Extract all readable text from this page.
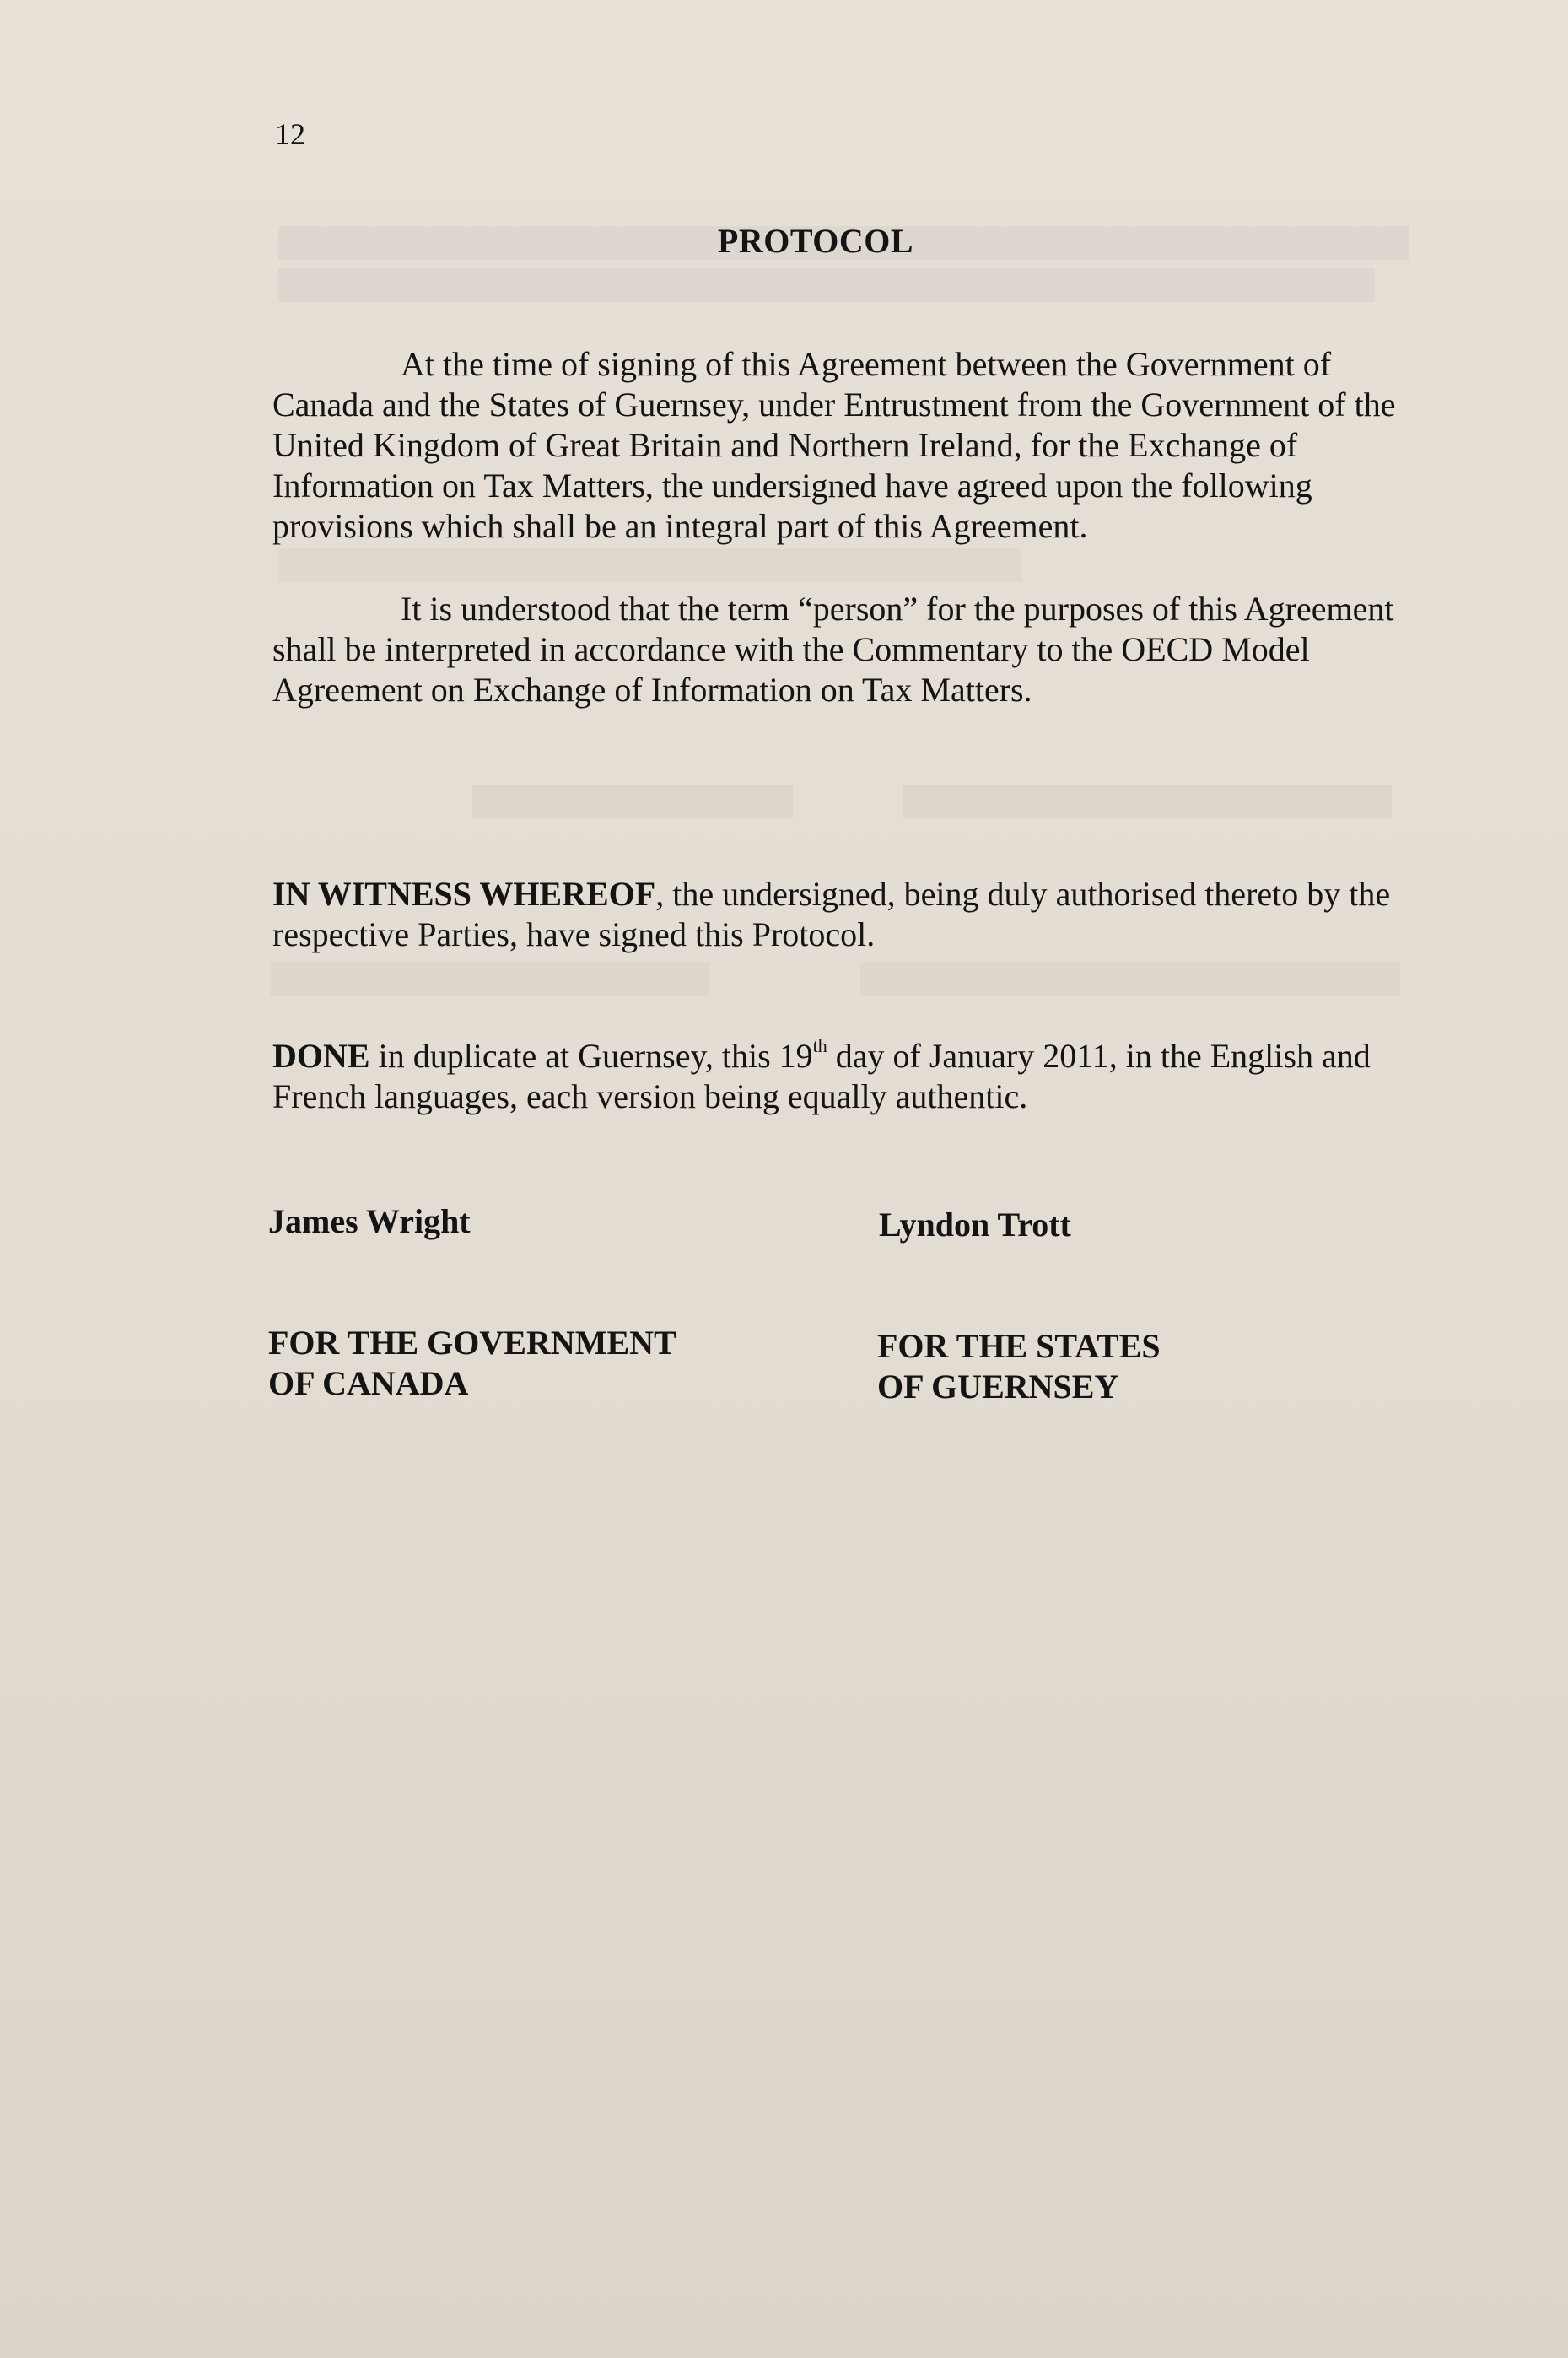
12
PROTOCOL

At the time of signing of this Agreement between the Government of Canada and the States of Guernsey, under Entrustment from the Government of the United Kingdom of Great Britain and Northern Ireland, for the Exchange of Information on Tax Matters, the undersigned have agreed upon the following provisions which shall be an integral part of this Agreement.

It is understood that the term “person” for the purposes of this Agreement shall be interpreted in accordance with the Commentary to the OECD Model Agreement on Exchange of Information on Tax Matters.

IN WITNESS WHEREOF, the undersigned, being duly authorised thereto by the respective Parties, have signed this Protocol.

DONE in duplicate at Guernsey, this 19th day of January 2011, in the English and French languages, each version being equally authentic.

James Wright	Lyndon Trott
FOR THE GOVERNMENT
OF CANADA
FOR THE STATES
OF GUERNSEY
